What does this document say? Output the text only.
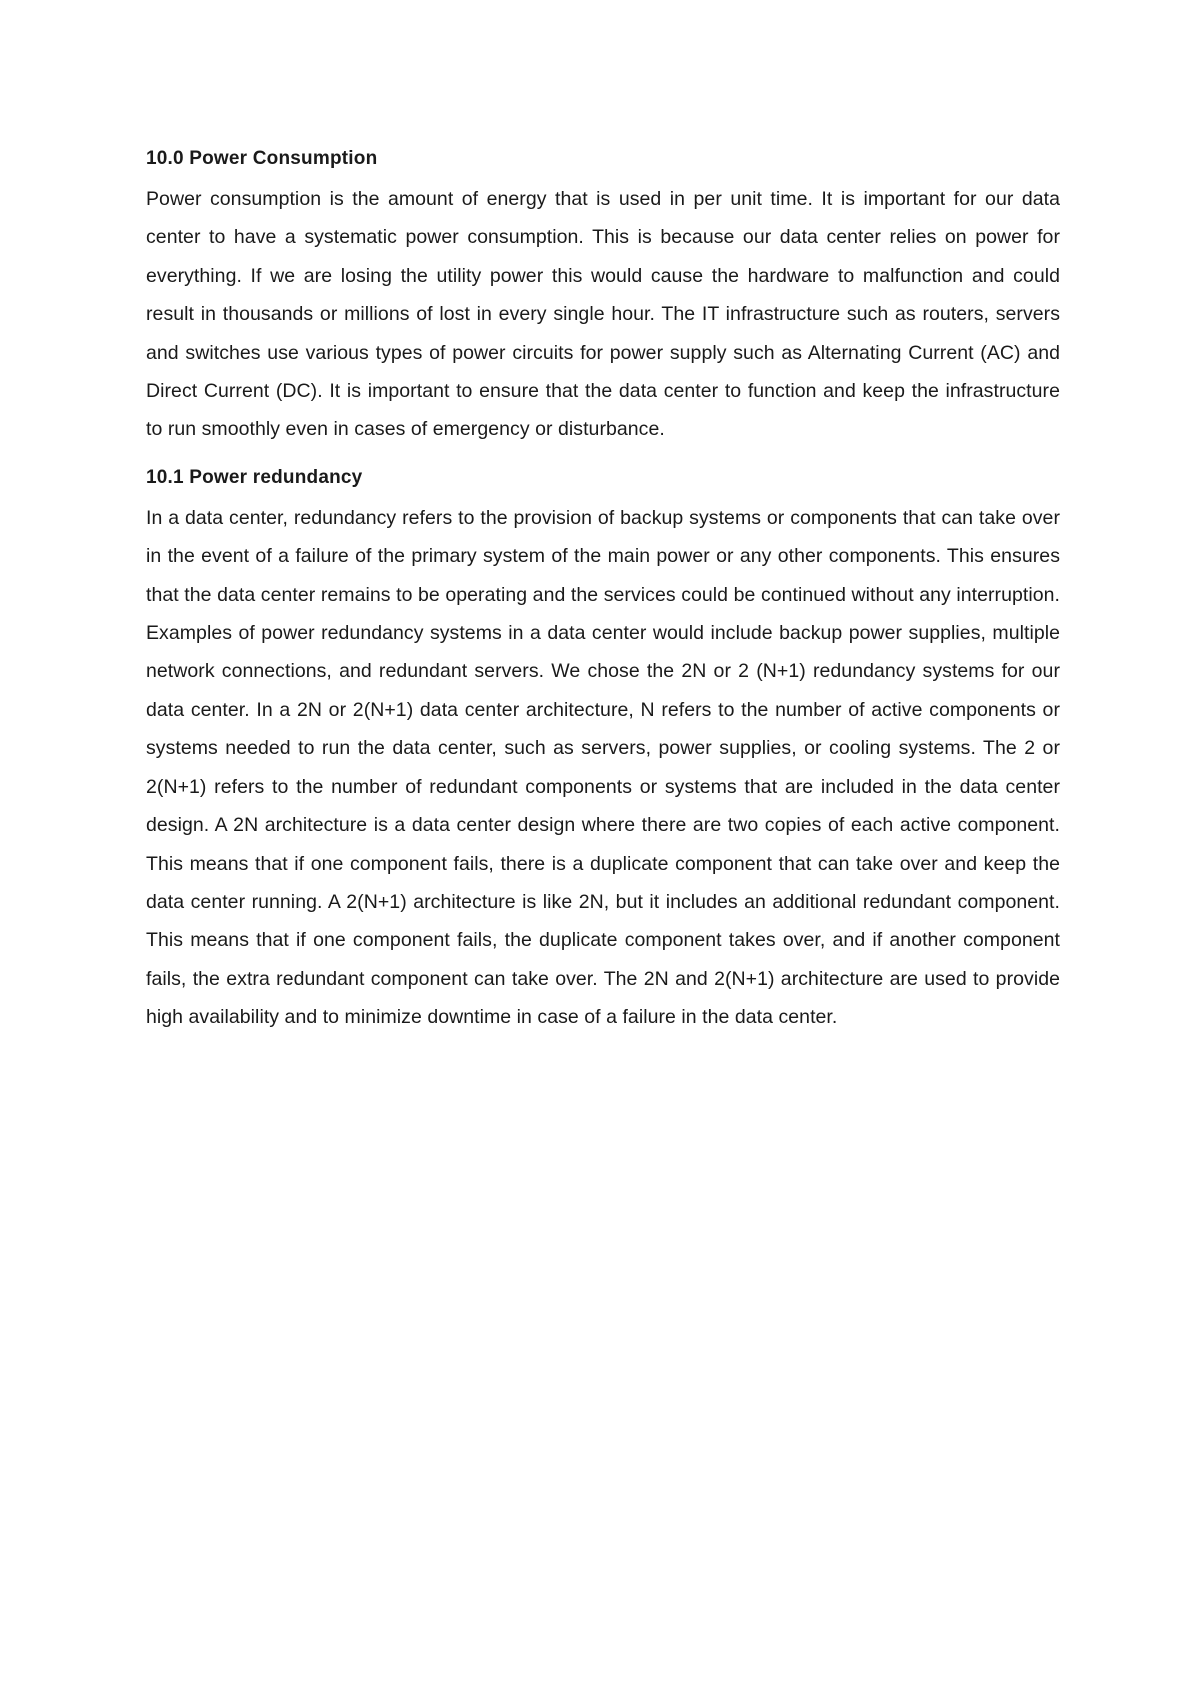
10.0 Power Consumption

Power consumption is the amount of energy that is used in per unit time. It is important for our data center to have a systematic power consumption. This is because our data center relies on power for everything. If we are losing the utility power this would cause the hardware to malfunction and could result in thousands or millions of lost in every single hour. The IT infrastructure such as routers, servers and switches use various types of power circuits for power supply such as Alternating Current (AC) and Direct Current (DC). It is important to ensure that the data center to function and keep the infrastructure to run smoothly even in cases of emergency or disturbance.

10.1 Power redundancy

In a data center, redundancy refers to the provision of backup systems or components that can take over in the event of a failure of the primary system of the main power or any other components. This ensures that the data center remains to be operating and the services could be continued without any interruption. Examples of power redundancy systems in a data center would include backup power supplies, multiple network connections, and redundant servers. We chose the 2N or 2 (N+1) redundancy systems for our data center. In a 2N or 2(N+1) data center architecture, N refers to the number of active components or systems needed to run the data center, such as servers, power supplies, or cooling systems. The 2 or 2(N+1) refers to the number of redundant components or systems that are included in the data center design. A 2N architecture is a data center design where there are two copies of each active component. This means that if one component fails, there is a duplicate component that can take over and keep the data center running. A 2(N+1) architecture is like 2N, but it includes an additional redundant component. This means that if one component fails, the duplicate component takes over, and if another component fails, the extra redundant component can take over. The 2N and 2(N+1) architecture are used to provide high availability and to minimize downtime in case of a failure in the data center.
